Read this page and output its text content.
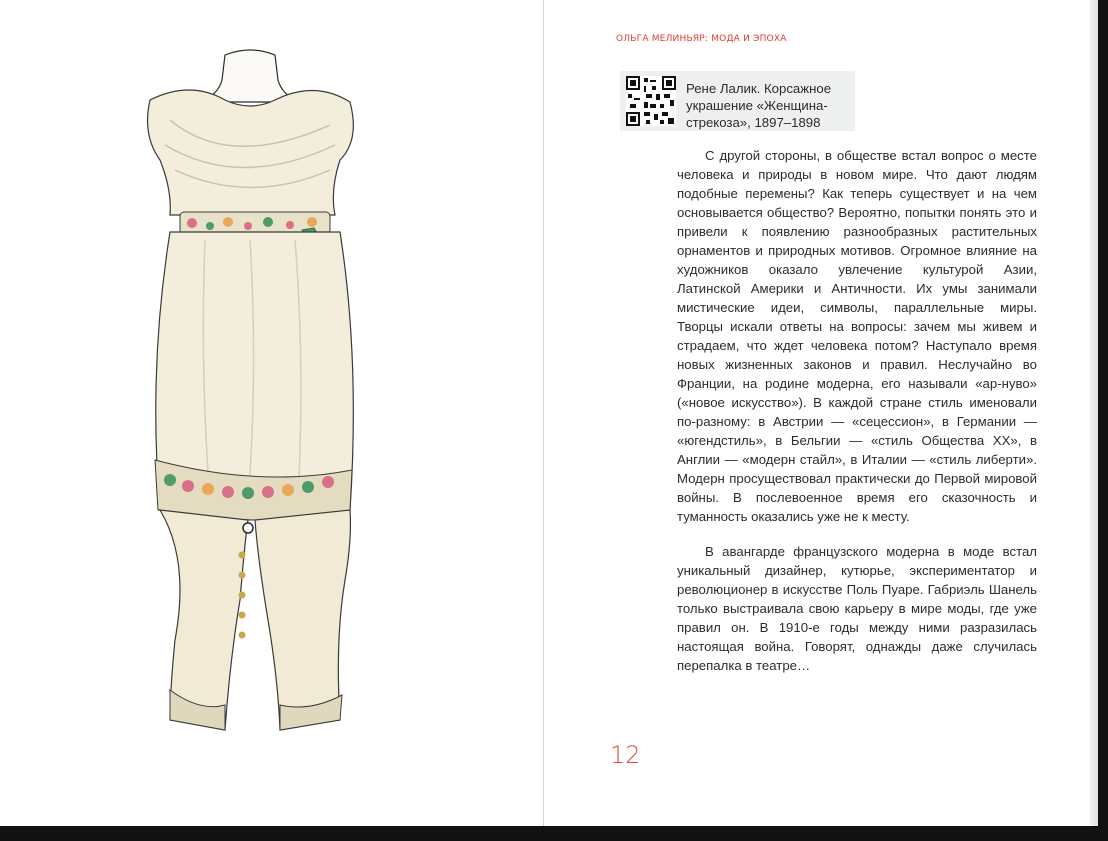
ОЛЬГА МЕЛИНЬЯР: МОДА И ЭПОХА
Рене Лалик. Корсажное украшение «Женщина-стрекоза», 1897–1898

С другой стороны, в обществе встал вопрос о месте человека и природы в новом мире. Что дают людям подобные перемены? Как теперь существует и на чем основывается общество? Вероятно, попытки понять это и привели к появлению разнообразных растительных орнаментов и природных мотивов. Огромное влияние на художников оказало увлечение культурой Азии, Латинской Америки и Античности. Их умы занимали мистические идеи, символы, параллельные миры. Творцы искали ответы на вопросы: зачем мы живем и страдаем, что ждет человека потом? Наступало время новых жизненных законов и правил. Неслучайно во Франции, на родине модерна, его называли «ар-нуво» («новое искусство»). В каждой стране стиль именовали по-разному: в Австрии — «сецессион», в Германии — «югендстиль», в Бельгии — «стиль Общества XX», в Англии — «модерн стайл», в Италии — «стиль либерти». Модерн просуществовал практически до Первой мировой войны. В послевоенное время его сказочность и туманность оказались уже не к месту.

В авангарде французского модерна в моде встал уникальный дизайнер, кутюрье, экспериментатор и революционер в искусстве Поль Пуаре. Габриэль Шанель только выстраивала свою карьеру в мире моды, где уже правил он. В 1910-е годы между ними разразилась настоящая война. Говорят, однажды даже случилась перепалка в театре…

12
